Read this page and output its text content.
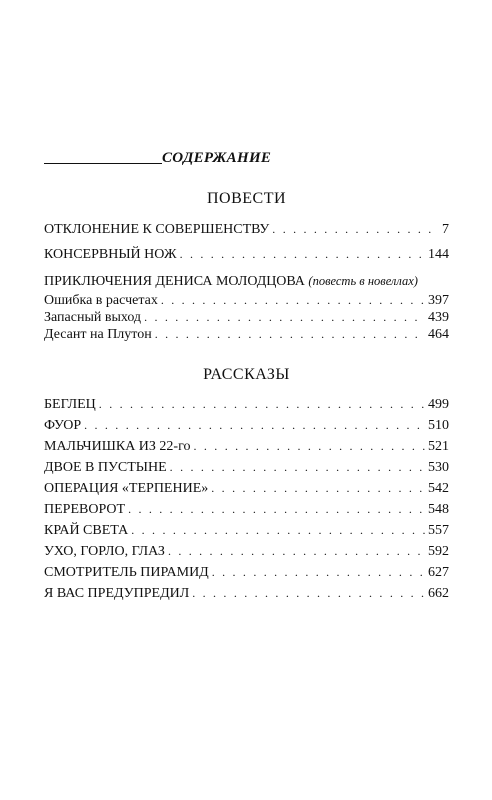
СОДЕРЖАНИЕ
ПОВЕСТИ
ОТКЛОНЕНИЕ К СОВЕРШЕНСТВУ . . .	7
КОНСЕРВНЫЙ НОЖ . . .	144
ПРИКЛЮЧЕНИЯ ДЕНИСА МОЛОДЦОВА (повесть в новеллах)
Ошибка в расчетах . . .	397
Запасный выход . . .	439
Десант на Плутон . . .	464
РАССКАЗЫ
БЕГЛЕЦ . . .	499
ФУОР . . .	510
МАЛЬЧИШКА ИЗ 22-го . . .	521
ДВОЕ В ПУСТЫНЕ . . .	530
ОПЕРАЦИЯ «ТЕРПЕНИЕ» . . .	542
ПЕРЕВОРОТ . . .	548
КРАЙ СВЕТА . . .	557
УХО, ГОРЛО, ГЛАЗ . . .	592
СМОТРИТЕЛЬ ПИРАМИД . . .	627
Я ВАС ПРЕДУПРЕДИЛ . . .	662
